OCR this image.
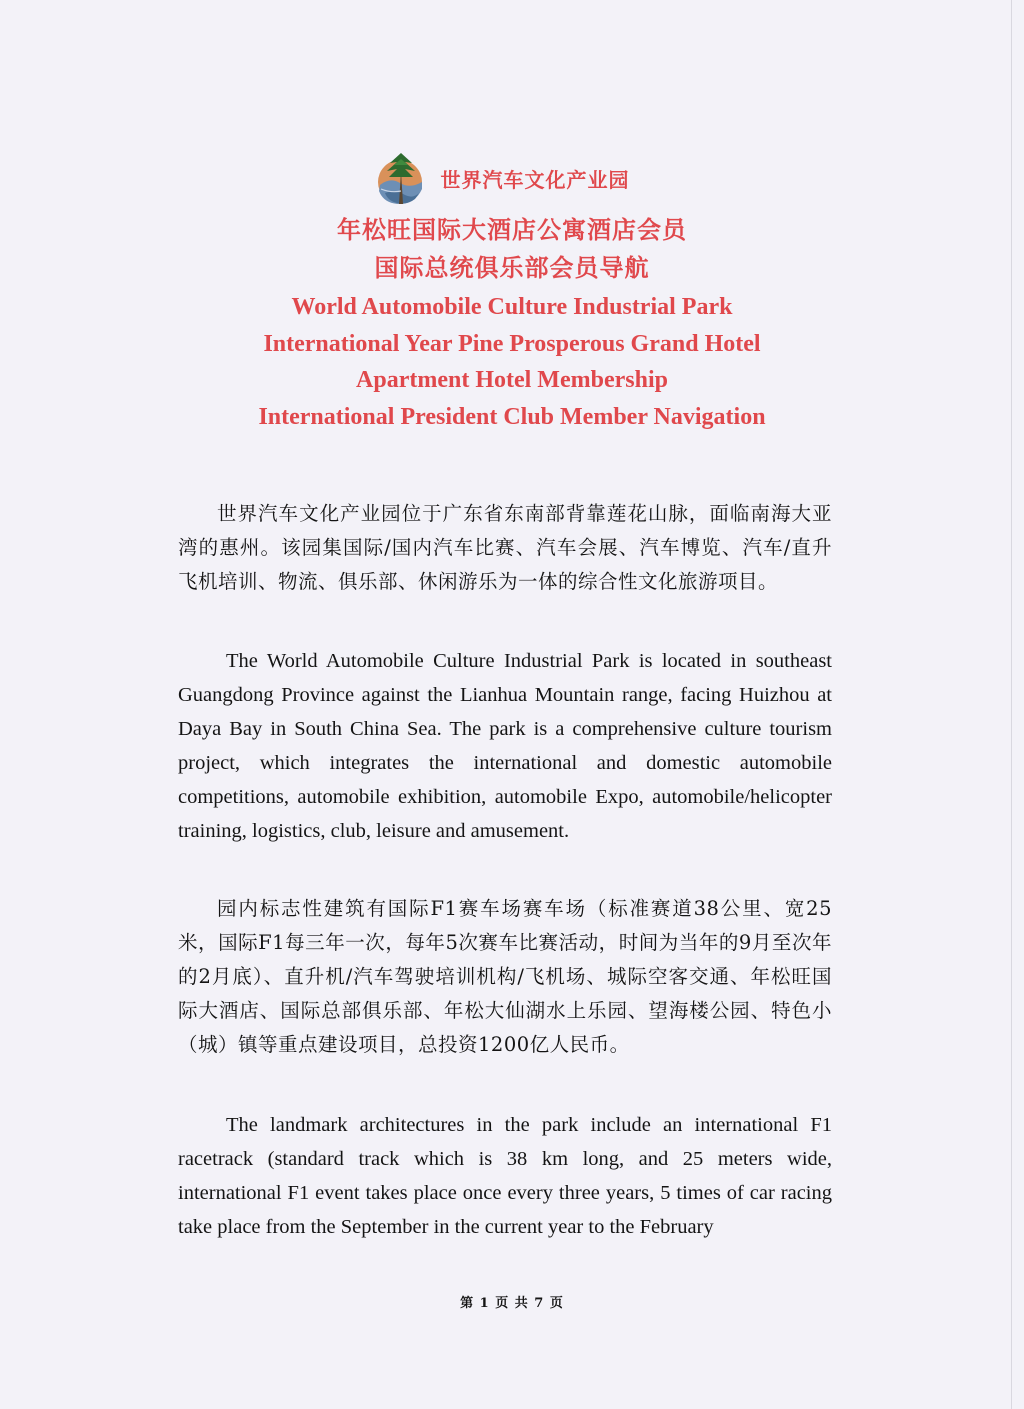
世界汽车文化产业园
年松旺国际大酒店公寓酒店会员
国际总统俱乐部会员导航
World Automobile Culture Industrial Park
International Year Pine Prosperous Grand Hotel
Apartment Hotel Membership
International President Club Member Navigation

世界汽车文化产业园位于广东省东南部背靠莲花山脉，面临南海大亚湾的惠州。该园集国际/国内汽车比赛、汽车会展、汽车博览、汽车/直升飞机培训、物流、俱乐部、休闲游乐为一体的综合性文化旅游项目。

The World Automobile Culture Industrial Park is located in southeast Guangdong Province against the Lianhua Mountain range, facing Huizhou at Daya Bay in South China Sea. The park is a comprehensive culture tourism project, which integrates the international and domestic automobile competitions, automobile exhibition, automobile Expo, automobile/helicopter training, logistics, club, leisure and amusement.

园内标志性建筑有国际F1赛车场赛车场（标准赛道38公里、宽25米，国际F1每三年一次，每年5次赛车比赛活动，时间为当年的9月至次年的2月底）、直升机/汽车驾驶培训机构/飞机场、城际空客交通、年松旺国际大酒店、国际总部俱乐部、年松大仙湖水上乐园、望海楼公园、特色小（城）镇等重点建设项目，总投资1200亿人民币。

The landmark architectures in the park include an international F1 racetrack (standard track which is 38 km long, and 25 meters wide, international F1 event takes place once every three years, 5 times of car racing take place from the September in the current year to the February

第 1 页 共 7 页
